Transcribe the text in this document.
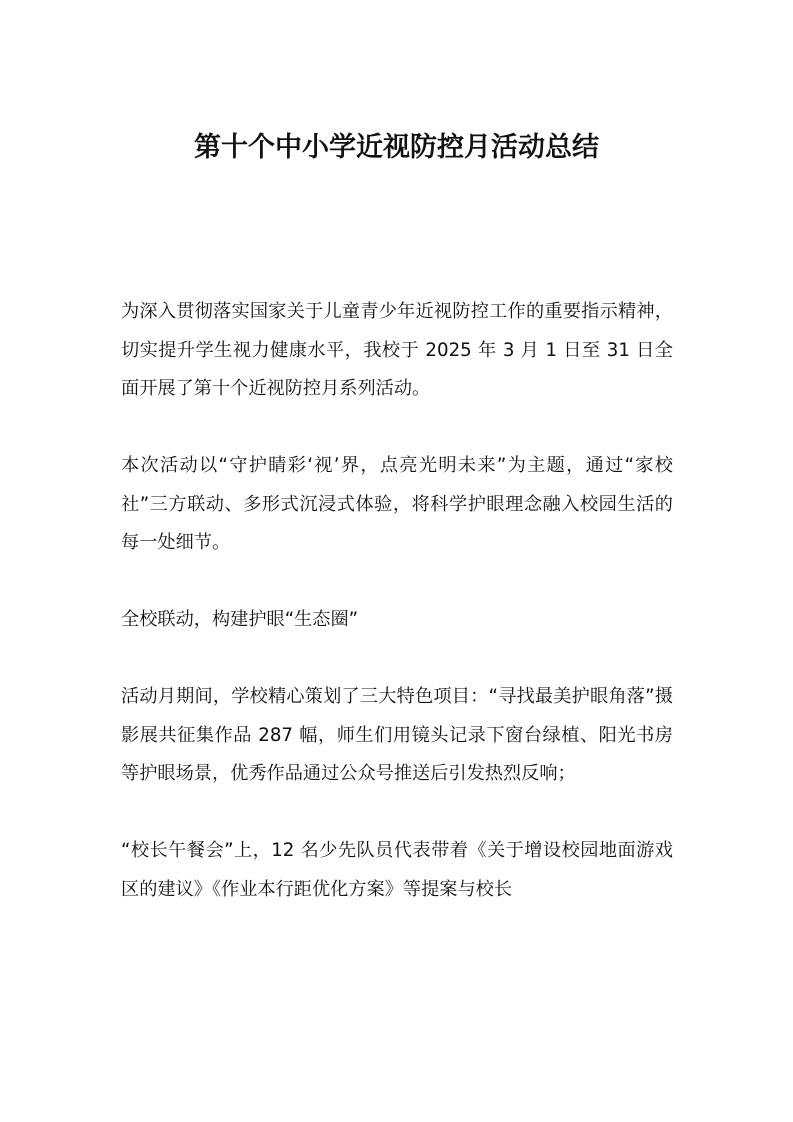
第十个中小学近视防控月活动总结

为深入贯彻落实国家关于儿童青少年近视防控工作的重要指示精神，切实提升学生视力健康水平，我校于 2025 年 3 月 1 日至 31 日全面开展了第十个近视防控月系列活动。

本次活动以“守护睛彩‘视’界，点亮光明未来”为主题，通过“家校社”三方联动、多形式沉浸式体验，将科学护眼理念融入校园生活的每一处细节。

全校联动，构建护眼“生态圈”

活动月期间，学校精心策划了三大特色项目：“寻找最美护眼角落”摄影展共征集作品 287 幅，师生们用镜头记录下窗台绿植、阳光书房等护眼场景，优秀作品通过公众号推送后引发热烈反响；

“校长午餐会”上，12 名少先队员代表带着《关于增设校园地面游戏区的建议》《作业本行距优化方案》等提案与校长
